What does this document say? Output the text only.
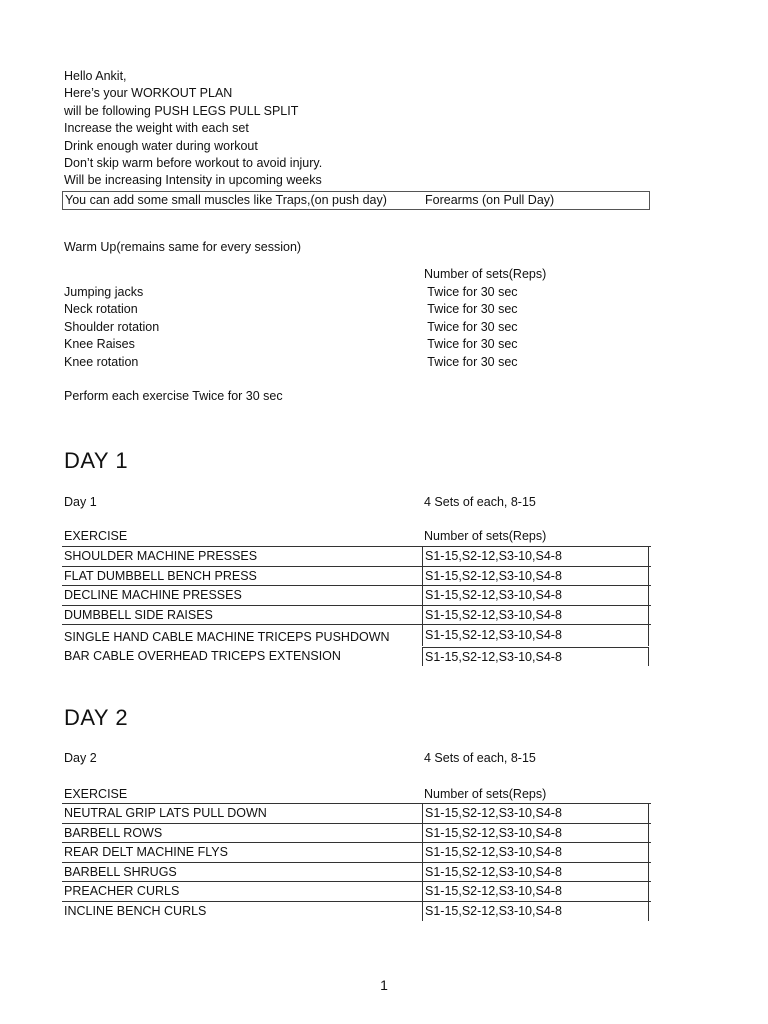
Hello Ankit,
Here’s your WORKOUT PLAN
will be following PUSH LEGS PULL SPLIT
Increase the weight with each set
Drink enough water during workout
Don’t skip warm before workout to avoid injury.
Will be increasing Intensity in upcoming weeks
You can add some small muscles like Traps,(on push day)	Forearms (on Pull Day)
Warm Up(remains same for every session)
Number of sets(Reps)
Jumping jacks	Twice for 30 sec
Neck rotation	Twice for 30 sec
Shoulder rotation	Twice for 30 sec
Knee Raises	Twice for 30 sec
Knee rotation	Twice for 30 sec
Perform each exercise Twice for 30 sec
DAY 1
Day 1	4 Sets of each, 8-15
EXERCISE	Number of sets(Reps)
SHOULDER MACHINE PRESSES	S1-15,S2-12,S3-10,S4-8
FLAT DUMBBELL BENCH PRESS	S1-15,S2-12,S3-10,S4-8
DECLINE MACHINE PRESSES	S1-15,S2-12,S3-10,S4-8
DUMBBELL SIDE RAISES	S1-15,S2-12,S3-10,S4-8
SINGLE HAND CABLE MACHINE TRICEPS PUSHDOWN	S1-15,S2-12,S3-10,S4-8
BAR CABLE OVERHEAD TRICEPS EXTENSION	S1-15,S2-12,S3-10,S4-8
DAY 2
Day 2	4 Sets of each, 8-15
EXERCISE	Number of sets(Reps)
NEUTRAL GRIP LATS PULL DOWN	S1-15,S2-12,S3-10,S4-8
BARBELL ROWS	S1-15,S2-12,S3-10,S4-8
REAR DELT MACHINE FLYS	S1-15,S2-12,S3-10,S4-8
BARBELL SHRUGS	S1-15,S2-12,S3-10,S4-8
PREACHER CURLS	S1-15,S2-12,S3-10,S4-8
INCLINE BENCH CURLS	S1-15,S2-12,S3-10,S4-8
1
